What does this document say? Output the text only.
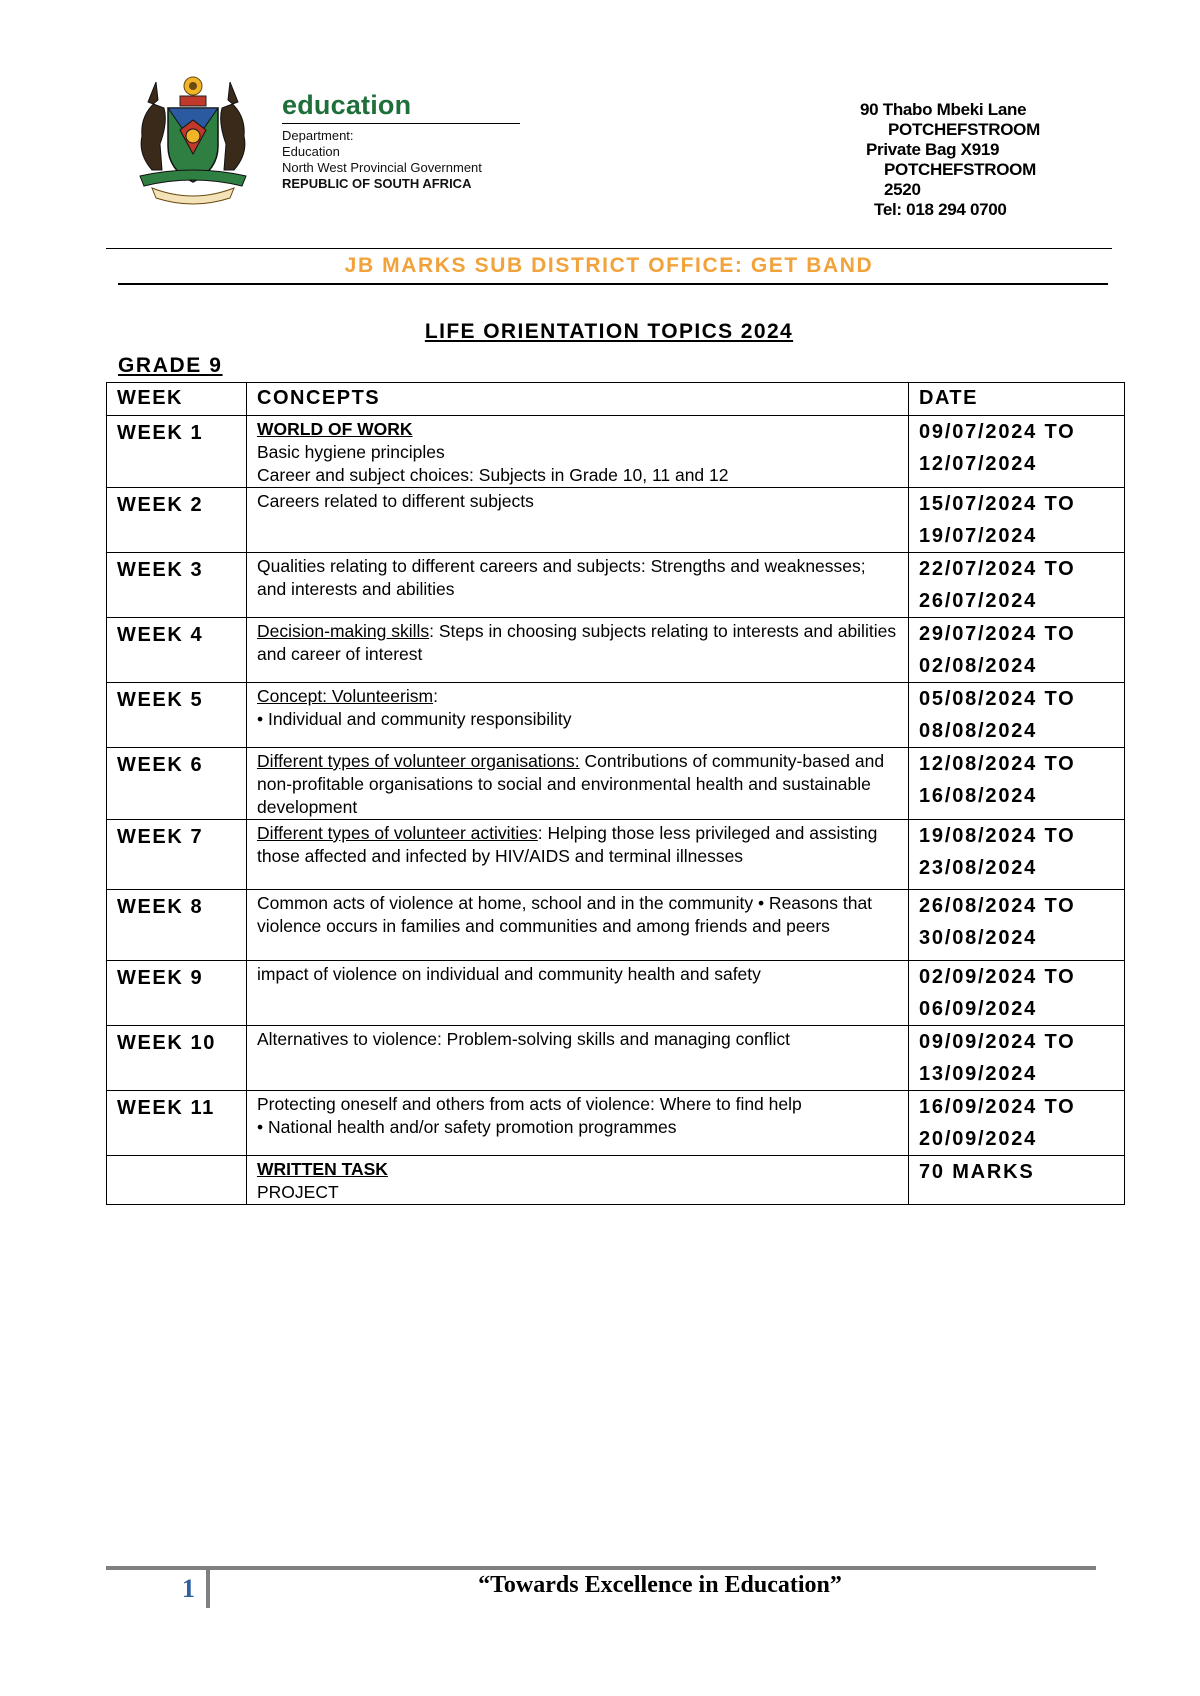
education
Department:
Education
North West Provincial Government
REPUBLIC OF SOUTH AFRICA
90 Thabo Mbeki Lane
POTCHEFSTROOM
Private Bag X919
POTCHEFSTROOM
2520
Tel: 018 294 0700
JB MARKS SUB DISTRICT OFFICE: GET BAND
LIFE ORIENTATION TOPICS 2024
GRADE 9
WEEK	CONCEPTS	DATE
WEEK 1	WORLD OF WORK
Basic hygiene principles
Career and subject choices: Subjects in Grade 10, 11 and 12	09/07/2024 TO 12/07/2024
WEEK 2	Careers related to different subjects	15/07/2024 TO 19/07/2024
WEEK 3	Qualities relating to different careers and subjects: Strengths and weaknesses; and interests and abilities	22/07/2024 TO 26/07/2024
WEEK 4	Decision-making skills: Steps in choosing subjects relating to interests and abilities and career of interest	29/07/2024 TO 02/08/2024
WEEK 5	Concept: Volunteerism:
• Individual and community responsibility	05/08/2024 TO 08/08/2024
WEEK 6	Different types of volunteer organisations: Contributions of community-based and non-profitable organisations to social and environmental health and sustainable development	12/08/2024 TO 16/08/2024
WEEK 7	Different types of volunteer activities: Helping those less privileged and assisting those affected and infected by HIV/AIDS and terminal illnesses	19/08/2024 TO 23/08/2024
WEEK 8	Common acts of violence at home, school and in the community • Reasons that violence occurs in families and communities and among friends and peers	26/08/2024 TO 30/08/2024
WEEK 9	impact of violence on individual and community health and safety	02/09/2024 TO 06/09/2024
WEEK 10	Alternatives to violence: Problem-solving skills and managing conflict	09/09/2024 TO 13/09/2024
WEEK 11	Protecting oneself and others from acts of violence: Where to find help
• National health and/or safety promotion programmes	16/09/2024 TO 20/09/2024

	WRITTEN TASK
PROJECT	70 MARKS
1	“Towards Excellence in Education”
